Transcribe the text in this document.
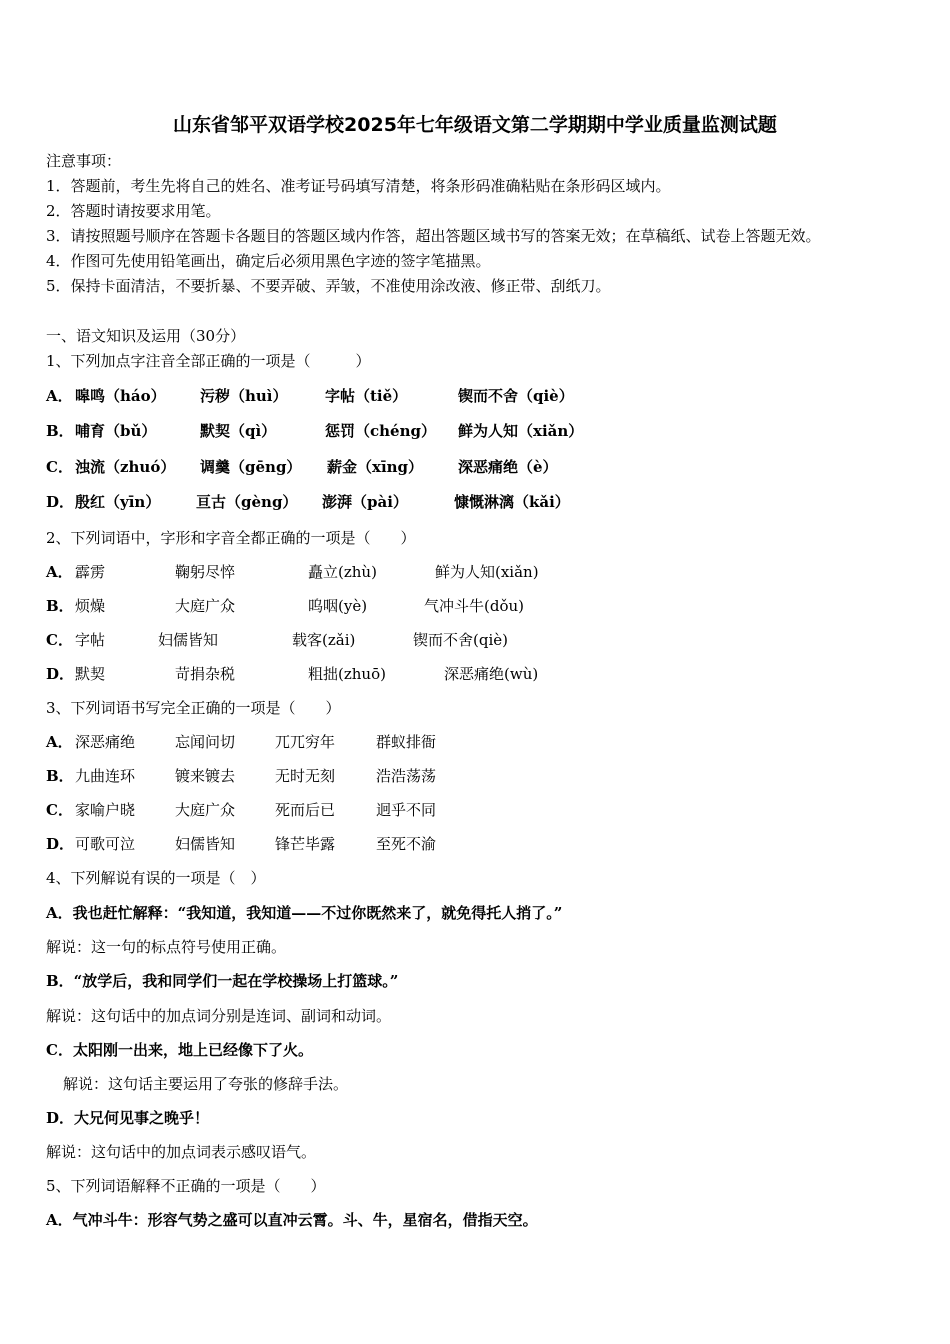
山东省邹平双语学校2025年七年级语文第二学期期中学业质量监测试题
注意事项：
一、语文知识及运用（30分）
1．答题前，考生先将自己的姓名、准考证号码填写清楚，将条形码准确粘贴在条形码区域内。
2．答题时请按要求用笔。
3．请按照题号顺序在答题卡各题目的答题区域内作答，超出答题区域书写的答案无效；在草稿纸、试卷上答题无效。
4．作图可先使用铅笔画出，确定后必须用黑色字迹的签字笔描黑。
5．保持卡面清洁，不要折暴、不要弄破、弄皱，不准使用涂改液、修正带、刮纸刀。
1、下列加点字注音全部正确的一项是（　　　）
A． 嗥鸣（háo） 污秽（huì） 字帖（tiě）	锲而不舍（qiè）
B． 哺育（bǔ）	默契（qì）	惩罚（chéng） 鲜为人知（xiǎn）
C． 浊流（zhuó） 调羹（gēng） 薪金（xīng） 深恶痛绝（è）
D． 殷红（yīn） 亘古（gèng） 澎湃（pài）	慷慨淋漓（kǎi）
2、下列词语中，字形和字音全都正确的一项是（　　）
A． 霹雳	鞠躬尽悴	矗立(zhù)	鲜为人知(xiǎn)
B． 烦燥	大庭广众	呜咽(yè)	气冲斗牛(dǒu)
C． 字帖	妇儒皆知	载客(zǎi)	锲而不舍(qiè)
D． 默契	苛捐杂税	粗拙(zhuō)	深恶痛绝(wù)
3、下列词语书写完全正确的一项是（　　）
A． 深恶痛绝	忘闻问切	兀兀穷年	群蚁排衙
B． 九曲连环	镀来镀去	无时无刻	浩浩荡荡
C． 家喻户晓	大庭广众	死而后已	迥乎不同
D． 可歌可泣	妇儒皆知	锋芒毕露	至死不渝
4、下列解说有误的一项是（　）
A．我也赶忙解释：“我知道，我知道——不过你既然来了，就免得托人捎了。”
解说：这一句的标点符号使用正确。
B．“放学后，我和同学们一起在学校操场上打篮球。”
解说：这句话中的加点词分别是连词、副词和动词。
C．太阳刚一出来，地上已经像下了火。
解说：这句话主要运用了夸张的修辞手法。
D．大兄何见事之晚乎！
解说：这句话中的加点词表示感叹语气。
5、下列词语解释不正确的一项是（　　）
A．气冲斗牛：形容气势之盛可以直冲云霄。斗、牛，星宿名，借指天空。
